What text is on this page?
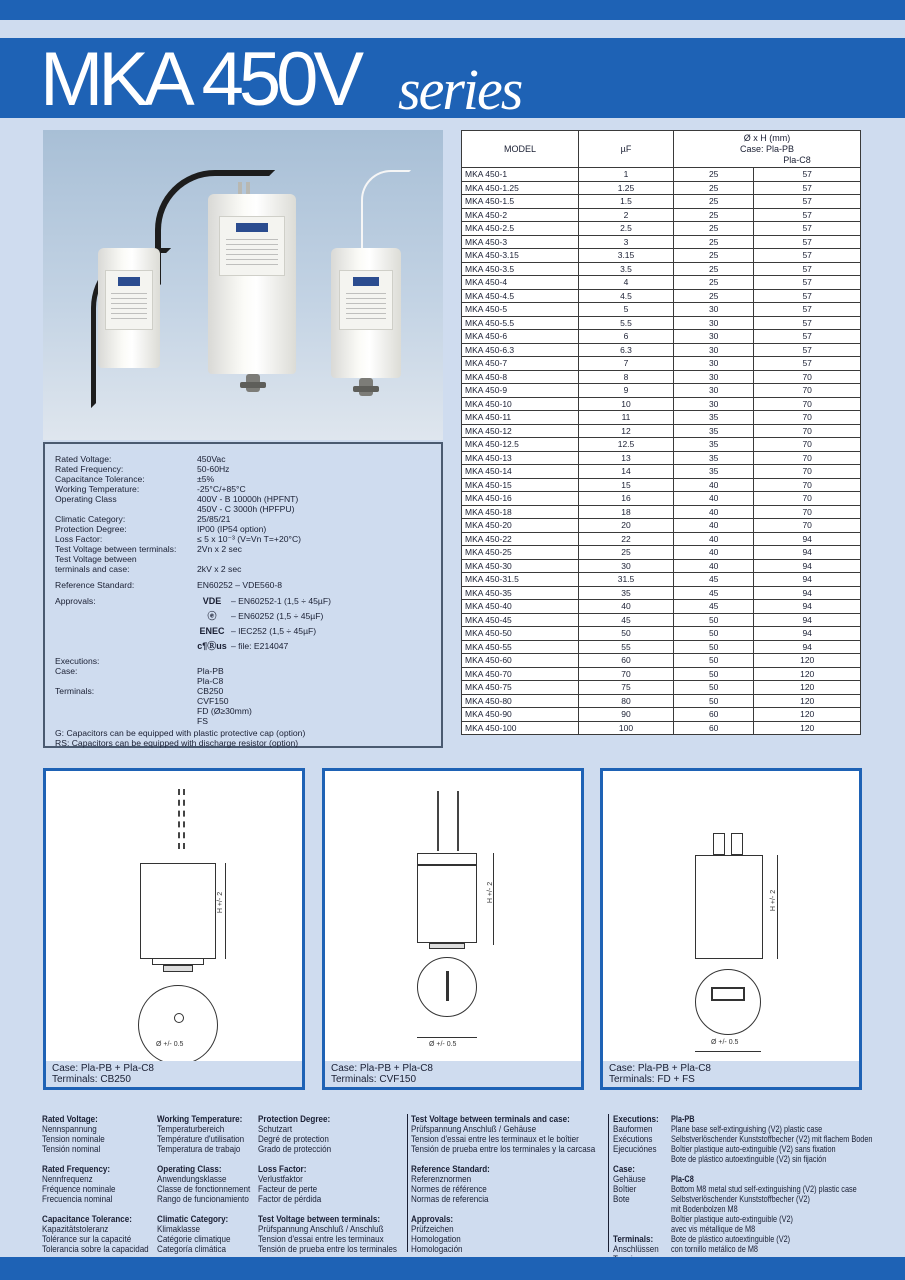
MKA 450V series
Rated Voltage:	450Vac
Rated Frequency:	50-60Hz
Capacitance Tolerance:	±5%
Working Temperature:	-25°C/+85°C
Operating Class	400V - B 10000h (HPFNT)
450V - C 3000h (HPFPU)
Climatic Category:	25/85/21
Protection Degree:	IP00 (IP54 option)
Loss Factor:	≤ 5 x 10⁻³ (V=Vn T=+20°C)
Test Voltage between terminals:	2Vn x 2 sec
Test Voltage between
terminals and case:	2kV x 2 sec
Reference Standard:	EN60252 – VDE560-8
Approvals:	VDE	– EN60252-1 (1,5 ÷ 45µF)
ⓔ	– EN60252 (1,5 ÷ 45µF)
ENEC – IEC252 (1,5 ÷ 45µF)
c¶Ⓡus – file: E214047
Executions:
Case:	Pla-PB
Pla-C8
Terminals:	CB250
CVF150
FD (Ø≥30mm)
FS
G: Capacitors can be equipped with plastic protective cap (option)
RS: Capacitors can be equipped with discharge resistor (option)
MODEL	µF	Ø x H (mm)
Case: Pla-PB
Pla-C8	

MKA 450-1	1	25	57
MKA 450-1.25	1.25	25	57
MKA 450-1.5	1.5	25	57
MKA 450-2	2	25	57
MKA 450-2.5	2.5	25	57
MKA 450-3	3	25	57
MKA 450-3.15	3.15	25	57
MKA 450-3.5	3.5	25	57
MKA 450-4	4	25	57
MKA 450-4.5	4.5	25	57
MKA 450-5	5	30	57
MKA 450-5.5	5.5	30	57
MKA 450-6	6	30	57
MKA 450-6.3	6.3	30	57
MKA 450-7	7	30	57
MKA 450-8	8	30	70
MKA 450-9	9	30	70
MKA 450-10	10	30	70
MKA 450-11	11	35	70
MKA 450-12	12	35	70
MKA 450-12.5	12.5	35	70
MKA 450-13	13	35	70
MKA 450-14	14	35	70
MKA 450-15	15	40	70
MKA 450-16	16	40	70
MKA 450-18	18	40	70
MKA 450-20	20	40	70
MKA 450-22	22	40	94
MKA 450-25	25	40	94
MKA 450-30	30	40	94
MKA 450-31.5	31.5	45	94
MKA 450-35	35	45	94
MKA 450-40	40	45	94
MKA 450-45	45	50	94
MKA 450-50	50	50	94
MKA 450-55	55	50	94
MKA 450-60	60	50	120
MKA 450-70	70	50	120
MKA 450-75	75	50	120
MKA 450-80	80	50	120
MKA 450-90	90	60	120
MKA 450-100	100	60	120
H +/- 2
Ø +/- 0.5
Case: Pla-PB + Pla-C8
Terminals: CB250
H +/- 2
Ø +/- 0.5
Case: Pla-PB + Pla-C8
Terminals: CVF150
H +/- 2
Ø +/- 0.5
Case: Pla-PB + Pla-C8
Terminals: FD + FS
Rated Voltage:
Nennspannung
Tension nominale
Tensión nominal
Rated Frequency:
Nennfrequenz
Fréquence nominale
Frecuencia nominal
Capacitance Tolerance:
Kapazitätstoleranz
Tolérance sur la capacité
Tolerancia sobre la capacidad
Working Temperature:
Temperaturbereich
Température d'utilisation
Temperatura de trabajo
Operating Class:
Anwendungsklasse
Classe de fonctionnement
Rango de funcionamiento
Climatic Category:
Klimaklasse
Catégorie climatique
Categoría climática
Protection Degree:
Schutzart
Degré de protection
Grado de protección
Loss Factor:
Verlustfaktor
Facteur de perte
Factor de pérdida
Test Voltage between terminals:
Prüfspannung Anschluß / Anschluß
Tension d'essai entre les terminaux
Tensión de prueba entre los terminales
Test Voltage between terminals and case:
Prüfspannung Anschluß / Gehäuse
Tension d'essai entre les terminaux et le boîtier
Tensión de prueba entre los terminales y la carcasa
Reference Standard:
Referenznormen
Normes de référence
Normas de referencia
Approvals:
Prüfzeichen
Homologation
Homologación
Executions:
Bauformen
Exécutions
Ejecuciónes
Case:
Gehäuse
Boîtier
Bote
Terminals:
Anschlüssen
Pla-PB
Plane base self-extinguishing (V2) plastic case
Selbstverlöschender Kunststoffbecher (V2) mit flachem Boden
Boîtier plastique auto-extinguible (V2) sans fixation
Bote de plástico autoextinguible (V2) sin fijación
Pla-C8
Bottom M8 metal stud self-extinguishing (V2) plastic case
Selbstverlöschender Kunststoffbecher (V2)
mit Bodenbolzen M8
Boîtier plastique auto-extinguible (V2)
avec vis métallique de M8
Bote de plástico autoextinguible (V2)
con tornillo metálico de M8
